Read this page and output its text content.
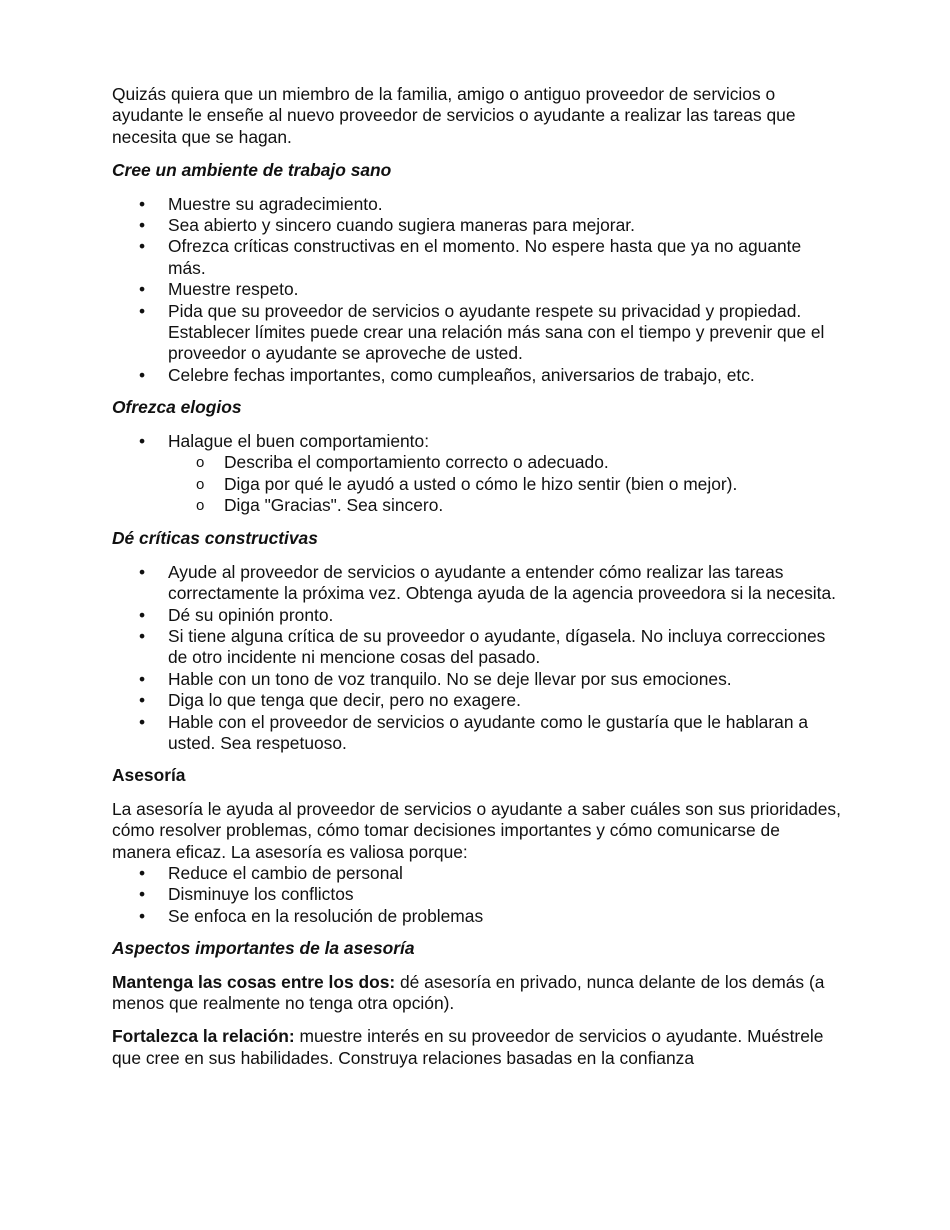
Quizás quiera que un miembro de la familia, amigo o antiguo proveedor de servicios o ayudante le enseñe al nuevo proveedor de servicios o ayudante a realizar las tareas que necesita que se hagan.

Cree un ambiente de trabajo sano

• Muestre su agradecimiento.
• Sea abierto y sincero cuando sugiera maneras para mejorar.
• Ofrezca críticas constructivas en el momento. No espere hasta que ya no aguante más.
• Muestre respeto.
• Pida que su proveedor de servicios o ayudante respete su privacidad y propiedad. Establecer límites puede crear una relación más sana con el tiempo y prevenir que el proveedor o ayudante se aproveche de usted.
• Celebre fechas importantes, como cumpleaños, aniversarios de trabajo, etc.

Ofrezca elogios

• Halague el buen comportamiento:
o Describa el comportamiento correcto o adecuado.
o Diga por qué le ayudó a usted o cómo le hizo sentir (bien o mejor).
o Diga "Gracias". Sea sincero.

Dé críticas constructivas

• Ayude al proveedor de servicios o ayudante a entender cómo realizar las tareas correctamente la próxima vez. Obtenga ayuda de la agencia proveedora si la necesita.
• Dé su opinión pronto.
• Si tiene alguna crítica de su proveedor o ayudante, dígasela. No incluya correcciones de otro incidente ni mencione cosas del pasado.
• Hable con un tono de voz tranquilo. No se deje llevar por sus emociones.
• Diga lo que tenga que decir, pero no exagere.
• Hable con el proveedor de servicios o ayudante como le gustaría que le hablaran a usted. Sea respetuoso.

Asesoría

La asesoría le ayuda al proveedor de servicios o ayudante a saber cuáles son sus prioridades, cómo resolver problemas, cómo tomar decisiones importantes y cómo comunicarse de manera eficaz. La asesoría es valiosa porque:

• Reduce el cambio de personal
• Disminuye los conflictos
• Se enfoca en la resolución de problemas

Aspectos importantes de la asesoría

Mantenga las cosas entre los dos: dé asesoría en privado, nunca delante de los demás (a menos que realmente no tenga otra opción).

Fortalezca la relación: muestre interés en su proveedor de servicios o ayudante. Muéstrele que cree en sus habilidades. Construya relaciones basadas en la confianza
